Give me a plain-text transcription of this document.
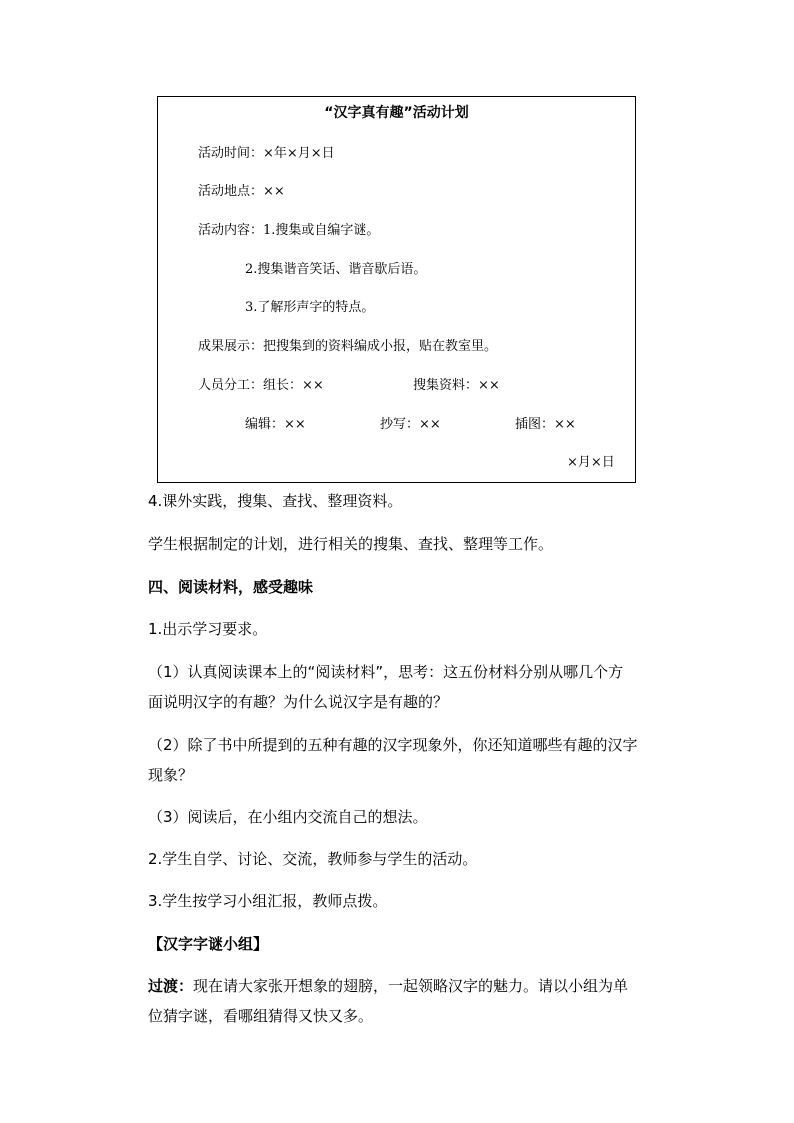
“汉字真有趣”活动计划
活动时间：×年×月×日
活动地点：××
活动内容：1.搜集或自编字谜。
2.搜集谐音笑话、谐音歇后语。
3.了解形声字的特点。
成果展示：把搜集到的资料编成小报，贴在教室里。
人员分工：组长：××	搜集资料：××
编辑：××	抄写：××	插图：××
×月×日
4.课外实践，搜集、查找、整理资料。
学生根据制定的计划，进行相关的搜集、查找、整理等工作。
四、阅读材料，感受趣味
1.出示学习要求。
（1）认真阅读课本上的“阅读材料”，思考：这五份材料分别从哪几个方
面说明汉字的有趣？为什么说汉字是有趣的？
（2）除了书中所提到的五种有趣的汉字现象外，你还知道哪些有趣的汉字
现象？
（3）阅读后，在小组内交流自己的想法。
2.学生自学、讨论、交流，教师参与学生的活动。
3.学生按学习小组汇报，教师点拨。
【汉字字谜小组】
过渡：现在请大家张开想象的翅膀，一起领略汉字的魅力。请以小组为单
位猜字谜，看哪组猜得又快又多。
